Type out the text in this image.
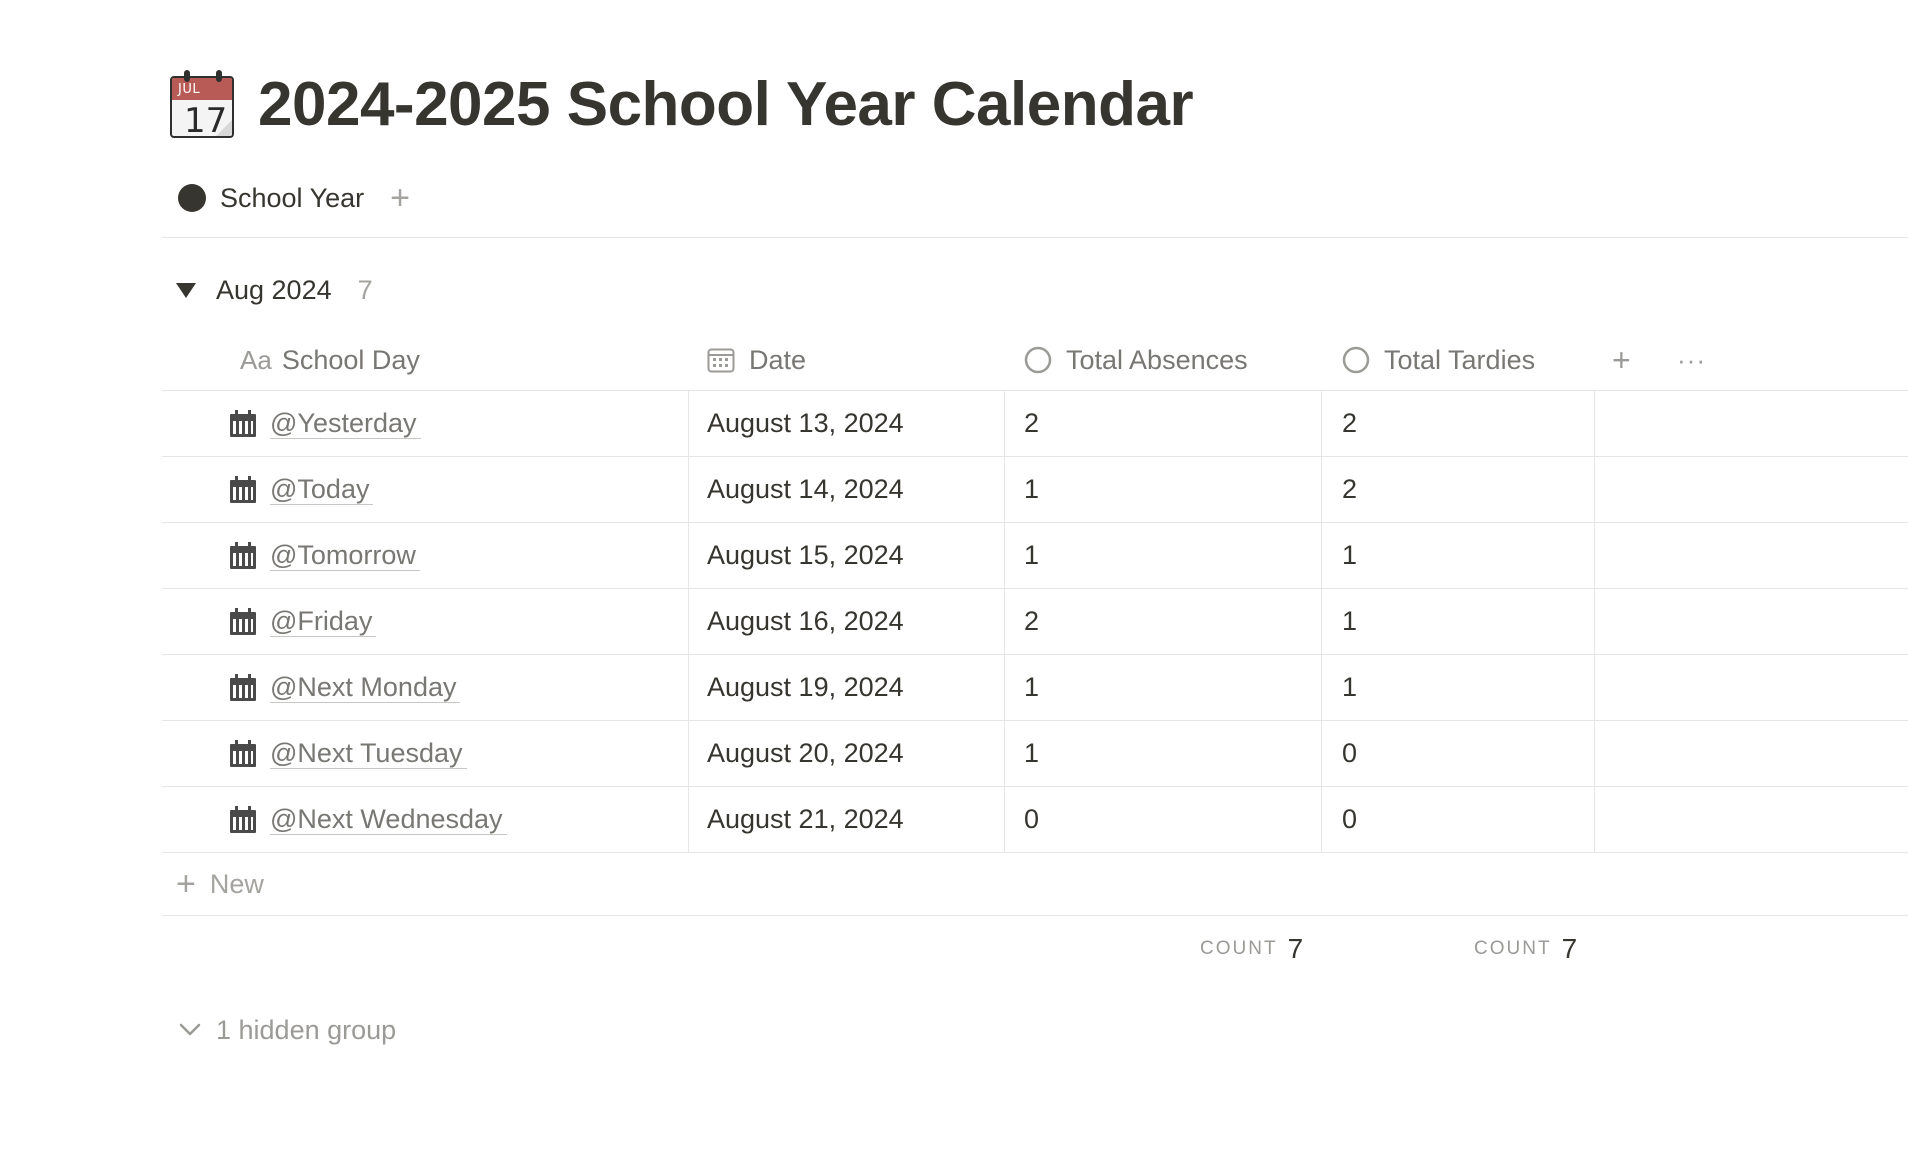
JUL
17 2024-2025 School Year Calendar
School Year +
Aug 2024 7
Aa School Day	Date	Total Absences	Total Tardies + ···
@Yesterday	August 13, 2024	2	2
@Today	August 14, 2024	1	2
@Tomorrow	August 15, 2024	1	1
@Friday	August 16, 2024	2	1
@Next Monday	August 19, 2024	1	1
@Next Tuesday	August 20, 2024	1	0
@Next Wednesday	August 21, 2024	0	0
+ New
COUNT 7	COUNT 7
1 hidden group
